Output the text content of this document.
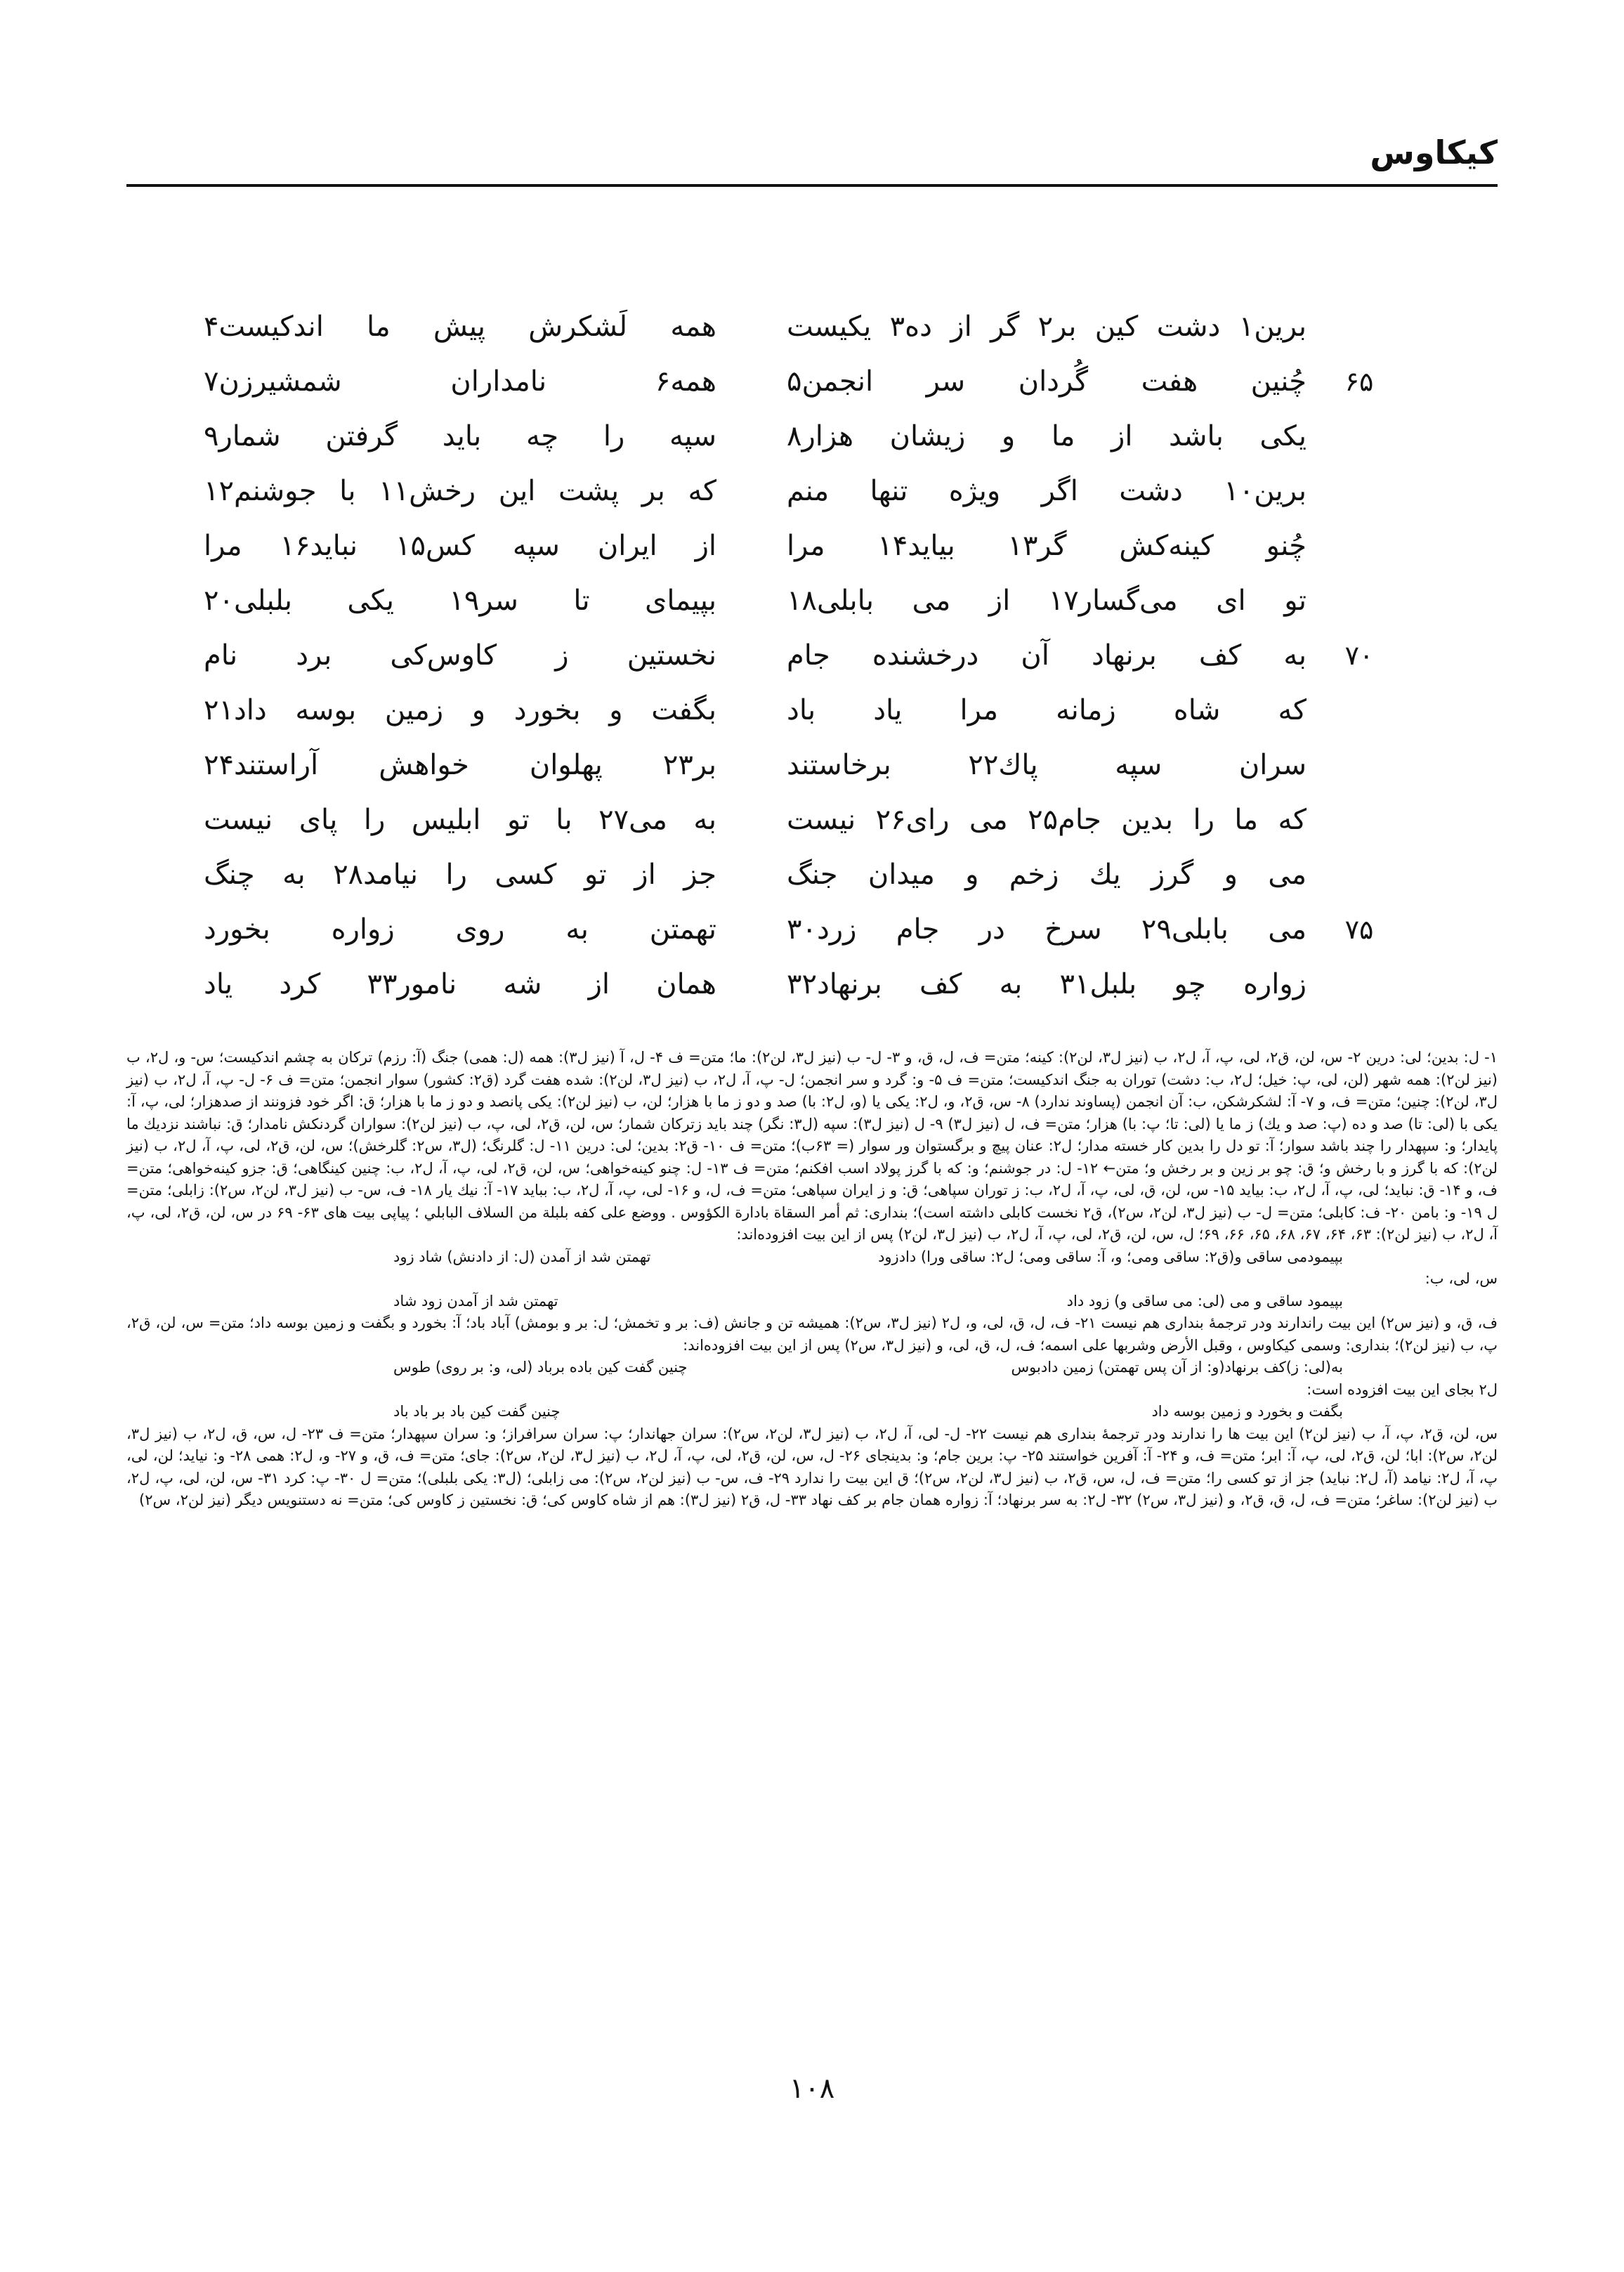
کیکاوس
برین۱ دشت کین بر۲ گر از ده۳ یکیست
همه لَشکرش پیش ما اندکیست۴
۶۵
چُنین هفت گُردان سر انجمن۵
همه۶ نامداران شمشیرزن۷
یکی باشد از ما و زیشان هزار۸
سپه را چه باید گرفتن شمار۹
برین۱۰ دشت اگر ویژه تنها منم
که بر پشت این رخش۱۱ با جوشنم۱۲
چُنو کینه‌کش گر۱۳ بیاید۱۴ مرا
از ایران سپه کس۱۵ نباید۱۶ مرا
تو ای می‌گسار۱۷ از می بابلی۱۸
بپیمای تا سر۱۹ یکی بلبلی۲۰
۷۰
به کف برنهاد آن درخشنده جام
نخستین ز کاوس‌کی برد نام
که شاه زمانه مرا یاد باد
بگفت و بخورد و زمین بوسه داد۲۱
سران سپه پاك۲۲ برخاستند
بر۲۳ پهلوان خواهش آراستند۲۴
که ما را بدین جام۲۵ می رای۲۶ نیست
به می۲۷ با تو ابلیس را پای نیست
می و گرز یك زخم و میدان جنگ
جز از تو کسی را نیامد۲۸ به چنگ
۷۵
می بابلی۲۹ سرخ در جام زرد۳۰
تهمتن به روی زواره بخورد
زواره چو بلبل۳۱ به کف برنهاد۳۲
همان از شه نامور۳۳ کرد یاد

۱- ل: بدین؛ لی: درین ۲- س، لن، ق۲، لی، پ، آ، ل۲، ب (نیز ل۳، لن۲): کینه؛ متن= ف، ل، ق، و ۳- ل- ب (نیز ل۳، لن۲): ما؛ متن= ف ۴- ل، آ (نیز ل۳): همه (ل: همی) جنگ (آ: رزم) ترکان به چشم اندکیست؛ س- و، ل۲، ب (نیز لن۲): همه شهر (لن، لی، پ: خیل؛ ل۲، ب: دشت) توران به جنگ اندکیست؛ متن= ف ۵- و: گرد و سر انجمن؛ ل- پ، آ، ل۲، ب (نیز ل۳، لن۲): شده هفت گرد (ق۲: کشور) سوار انجمن؛ متن= ف ۶- ل- پ، آ، ل۲، ب (نیز ل۳، لن۲): چنین؛ متن= ف، و ۷- آ: لشکرشکن، ب: آن انجمن (پساوند ندارد) ۸- س، ق۲، و، ل۲: یکی یا (و، ل۲: با) صد و دو ز ما با هزار؛ لن، ب (نیز لن۲): یکی پانصد و دو ز ما با هزار؛ ق: اگر خود فزونند از صدهزار؛ لی، پ، آ: یکی با (لی: تا) صد و ده (پ: صد و یك) ز ما یا (لی: تا؛ پ: با) هزار؛ متن= ف، ل (نیز ل۳) ۹- ل (نیز ل۳): سپه (ل۳: نگر) چند باید زترکان شمار؛ س، لن، ق۲، لی، پ، ب (نیز لن۲): سواران گردنکش نامدار؛ ق: نباشند نزدیك ما پایدار؛ و: سپهدار را چند باشد سوار؛ آ: تو دل را بدین کار خسته مدار؛ ل۲: عنان پیچ و برگستوان ور سوار (= ۶۳ب)؛ متن= ف ۱۰- ق۲: بدین؛ لی: درین ۱۱- ل: گلرنگ؛ (ل۳، س۲: گلرخش)؛ س، لن، ق۲، لی، پ، آ، ل۲، ب (نیز لن۲): که با گرز و با رخش و؛ ق: چو بر زین و بر رخش و؛ متن← ۱۲- ل: در جوشنم؛ و: که با گرز پولاد اسب افکنم؛ متن= ف ۱۳- ل: چنو کینه‌خواهی؛ س، لن، ق۲، لی، پ، آ، ل۲، ب: چنین کینگاهی؛ ق: جزو کینه‌خواهی؛ متن= ف، و ۱۴- ق: نباید؛ لی، پ، آ، ل۲، ب: بیاید ۱۵- س، لن، ق، لی، پ، آ، ل۲، ب: ز توران سپاهی؛ ق: و ز ایران سپاهی؛ متن= ف، ل، و ۱۶- لی، پ، آ، ل۲، ب: بباید ۱۷- آ: نیك یار ۱۸- ف، س- ب (نیز ل۳، لن۲، س۲): زابلی؛ متن= ل ۱۹- و: بامن ۲۰- ف: کابلی؛ متن= ل- ب (نیز ل۳، لن۲، س۲)، ق۲ نخست کابلی داشته است)؛ بنداری: ثم أمر السقاة بادارة الكؤوس . ووضع على كفه بلبلة من السلاف البابلي ؛ پیاپی بیت های ۶۳- ۶۹ در س، لن، ق۲، لی، پ، آ، ل۲، ب (نیز لن۲): ۶۳، ۶۴، ۶۷، ۶۸، ۶۵، ۶۶، ۶۹؛ ل، س، لن، ق۲، لی، پ، آ، ل۲، ب (نیز ل۳، لن۲) پس از این بیت افزوده‌اند:

بپیمودمی ساقی و(ق۲: ساقی ومی؛ و، آ: ساقی ومی؛ ل۲: ساقی ورا) دادزود
تهمتن شد از آمدن (ل: از دادنش) شاد زود

س، لی، ب:

بپیمود ساقی و می (لی: می ساقی و) زود داد
تهمتن شد از آمدن زود شاد

ف، ق، و (نیز س۲) این بیت راندارند ودر ترجمهٔ بنداری هم نیست ۲۱- ف، ل، ق، لی، و، ل۲ (نیز ل۳، س۲): همیشه تن و جانش (ف: بر و تخمش؛ ل: بر و بومش) آباد باد؛ آ: بخورد و بگفت و زمین بوسه داد؛ متن= س، لن، ق۲، پ، ب (نیز لن۲)؛ بنداری: وسمى كيكاوس ، وقبل الأرض وشربها على اسمه؛ ف، ل، ق، لی، و (نیز ل۳، س۲) پس از این بیت افزوده‌اند:

به(لی: ز)کف برنهاد(و: از آن پس تهمتن) زمین دادبوس
چنین گفت کین باده برباد (لی، و: بر روی) طوس

ل۲ بجای این بیت افزوده است:

بگفت و بخورد و زمین بوسه داد
چنین گفت کین باد بر باد باد

س، لن، ق۲، پ، آ، ب (نیز لن۲) این بیت ها را ندارند ودر ترجمهٔ بنداری هم نیست ۲۲- ل- لی، آ، ل۲، ب (نیز ل۳، لن۲، س۲): سران جهاندار؛ پ: سران سرافراز؛ و: سران سپهدار؛ متن= ف ۲۳- ل، س، ق، ل۲، ب (نیز ل۳، لن۲، س۲): ابا؛ لن، ق۲، لی، پ، آ: ابر؛ متن= ف، و ۲۴- آ: آفرین خواستند ۲۵- پ: برین جام؛ و: بدینجای ۲۶- ل، س، لن، ق۲، لی، پ، آ، ل۲، ب (نیز ل۳، لن۲، س۲): جای؛ متن= ف، ق، و ۲۷- و، ل۲: همی ۲۸- و: نیاید؛ لن، لی، پ، آ، ل۲: نیامد (آ، ل۲: نباید) جز از تو کسی را؛ متن= ف، ل، س، ق۲، ب (نیز ل۳، لن۲، س۲)؛ ق این بیت را ندارد ۲۹- ف، س- ب (نیز لن۲، س۲): می زابلی؛ (ل۳: یکی بلبلی)؛ متن= ل ۳۰- پ: کرد ۳۱- س، لن، لی، پ، ل۲، ب (نیز لن۲): ساغر؛ متن= ف، ل، ق، ق۲، و (نیز ل۳، س۲) ۳۲- ل۲: به سر برنهاد؛ آ: زواره همان جام بر کف نهاد ۳۳- ل، ق۲ (نیز ل۳): هم از شاه کاوس کی؛ ق: نخستین ز کاوس کی؛ متن= نه دستنویس دیگر (نیز لن۲، س۲)

۱۰۸
